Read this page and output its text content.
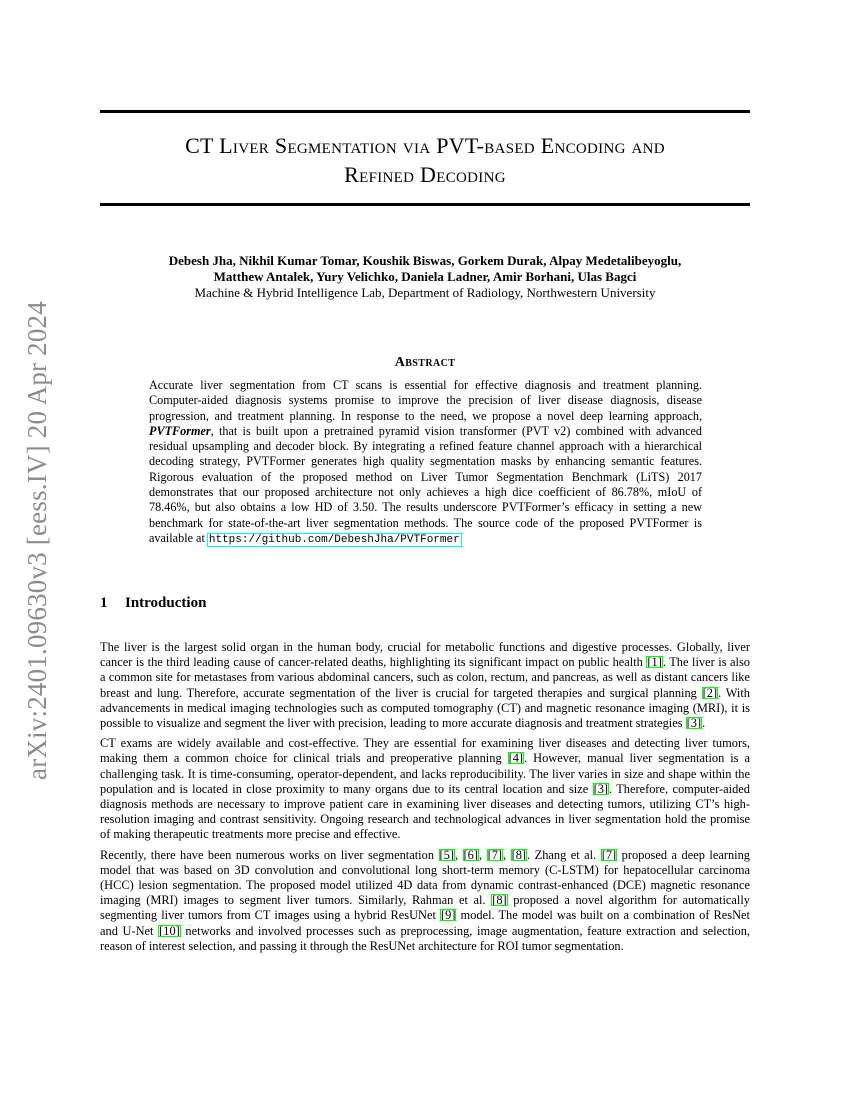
arXiv:2401.09630v3 [eess.IV] 20 Apr 2024
CT Liver Segmentation via PVT-based Encoding and
Refined Decoding
Debesh Jha, Nikhil Kumar Tomar, Koushik Biswas, Gorkem Durak, Alpay Medetalibeyoglu,
Matthew Antalek, Yury Velichko, Daniela Ladner, Amir Borhani, Ulas Bagci
Machine & Hybrid Intelligence Lab, Department of Radiology, Northwestern University
Abstract

Accurate liver segmentation from CT scans is essential for effective diagnosis and treatment planning. Computer-aided diagnosis systems promise to improve the precision of liver disease diagnosis, disease progression, and treatment planning. In response to the need, we propose a novel deep learning approach, PVTFormer, that is built upon a pretrained pyramid vision transformer (PVT v2) combined with advanced residual upsampling and decoder block. By integrating a refined feature channel approach with a hierarchical decoding strategy, PVTFormer generates high quality segmentation masks by enhancing semantic features. Rigorous evaluation of the proposed method on Liver Tumor Segmentation Benchmark (LiTS) 2017 demonstrates that our proposed architecture not only achieves a high dice coefficient of 86.78%, mIoU of 78.46%, but also obtains a low HD of 3.50. The results underscore PVTFormer’s efficacy in setting a new benchmark for state-of-the-art liver segmentation methods. The source code of the proposed PVTFormer is available at https://github.com/DebeshJha/PVTFormer

1 Introduction

The liver is the largest solid organ in the human body, crucial for metabolic functions and digestive processes. Globally, liver cancer is the third leading cause of cancer-related deaths, highlighting its significant impact on public health [1]. The liver is also a common site for metastases from various abdominal cancers, such as colon, rectum, and pancreas, as well as distant cancers like breast and lung. Therefore, accurate segmentation of the liver is crucial for targeted therapies and surgical planning [2]. With advancements in medical imaging technologies such as computed tomography (CT) and magnetic resonance imaging (MRI), it is possible to visualize and segment the liver with precision, leading to more accurate diagnosis and treatment strategies [3].

CT exams are widely available and cost-effective. They are essential for examining liver diseases and detecting liver tumors, making them a common choice for clinical trials and preoperative planning [4]. However, manual liver segmentation is a challenging task. It is time-consuming, operator-dependent, and lacks reproducibility. The liver varies in size and shape within the population and is located in close proximity to many organs due to its central location and size [3]. Therefore, computer-aided diagnosis methods are necessary to improve patient care in examining liver diseases and detecting tumors, utilizing CT’s high-resolution imaging and contrast sensitivity. Ongoing research and technological advances in liver segmentation hold the promise of making therapeutic treatments more precise and effective.

Recently, there have been numerous works on liver segmentation [5], [6], [7], [8]. Zhang et al. [7] proposed a deep learning model that was based on 3D convolution and convolutional long short-term memory (C-LSTM) for hepatocellular carcinoma (HCC) lesion segmentation. The proposed model utilized 4D data from dynamic contrast-enhanced (DCE) magnetic resonance imaging (MRI) images to segment liver tumors. Similarly, Rahman et al. [8] proposed a novel algorithm for automatically segmenting liver tumors from CT images using a hybrid ResUNet [9] model. The model was built on a combination of ResNet and U-Net [10] networks and involved processes such as preprocessing, image augmentation, feature extraction and selection, reason of interest selection, and passing it through the ResUNet architecture for ROI tumor segmentation.
